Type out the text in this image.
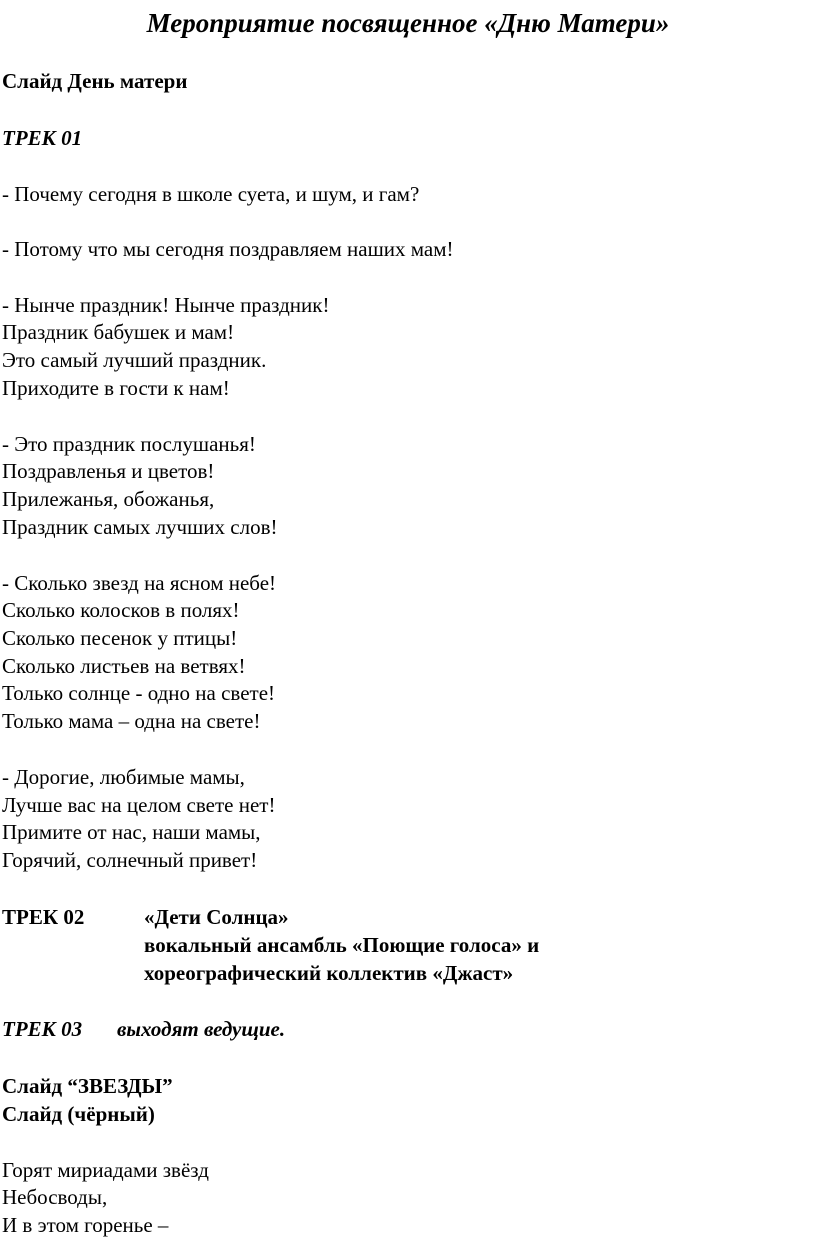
Мероприятие посвященное «Дню Матери»
Слайд День матери
ТРЕК 01
- Почему сегодня в школе суета, и шум, и гам?
- Потому что мы сегодня поздравляем наших мам!
- Нынче праздник! Нынче праздник!
Праздник бабушек и мам!
Это самый лучший праздник.
Приходите в гости к нам!
- Это праздник послушанья!
Поздравленья и цветов!
Прилежанья, обожанья,
Праздник самых лучших слов!
- Сколько звезд на ясном небе!
Сколько колосков в полях!
Сколько песенок у птицы!
Сколько листьев на ветвях!
Только солнце - одно на свете!
Только мама – одна на свете!
- Дорогие, любимые мамы,
Лучше вас на целом свете нет!
Примите от нас, наши мамы,
Горячий, солнечный привет!
ТРЕК 02	«Дети Солнца»
вокальный ансамбль «Поющие голоса» и
хореографический коллектив «Джаст»
ТРЕК 03 выходят ведущие.
Слайд “ЗВЕЗДЫ”
Слайд (чёрный)
Горят мириадами звёзд
Небосводы,
И в этом горенье –
